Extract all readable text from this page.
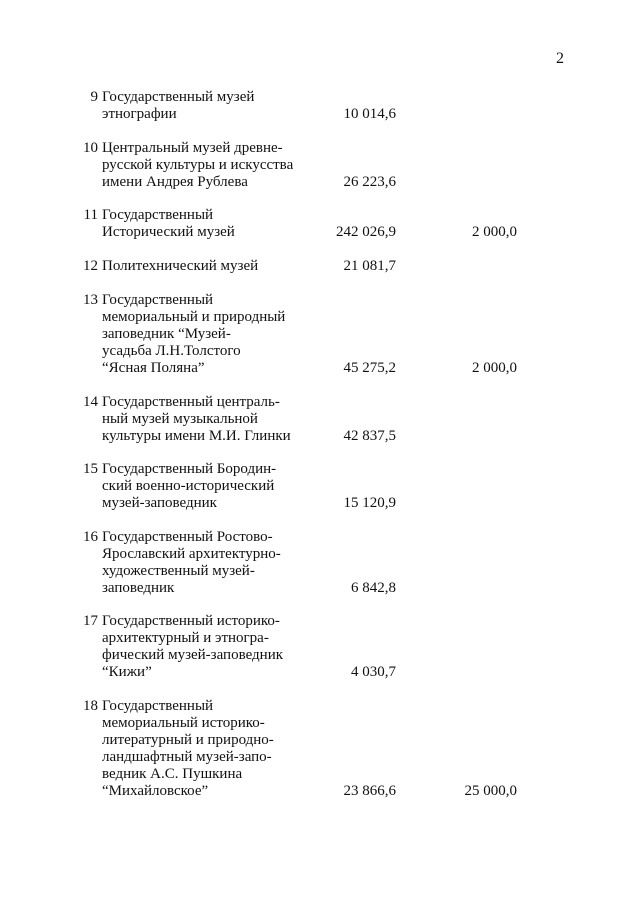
2
9 Государственный музей
этнографии	10 014,6
10 Центральный музей древне-
русской культуры и искусства
имени Андрея Рублева	26 223,6
11 Государственный
Исторический музей	242 026,9	2 000,0
12 Политехнический музей	21 081,7
13 Государственный
мемориальный и природный
заповедник “Музей-
усадьба Л.Н.Толстого
“Ясная Поляна”	45 275,2	2 000,0
14 Государственный централь-
ный музей музыкальной
культуры имени М.И. Глинки	42 837,5
15 Государственный Бородин-
ский военно-исторический
музей-заповедник	15 120,9
16 Государственный Ростово-
Ярославский архитектурно-
художественный музей-
заповедник	6 842,8
17 Государственный историко-
архитектурный и этногра-
фический музей-заповедник
“Кижи”	4 030,7
18 Государственный
мемориальный историко-
литературный и природно-
ландшафтный музей-запо-
ведник А.С. Пушкина
“Михайловское”	23 866,6	25 000,0
